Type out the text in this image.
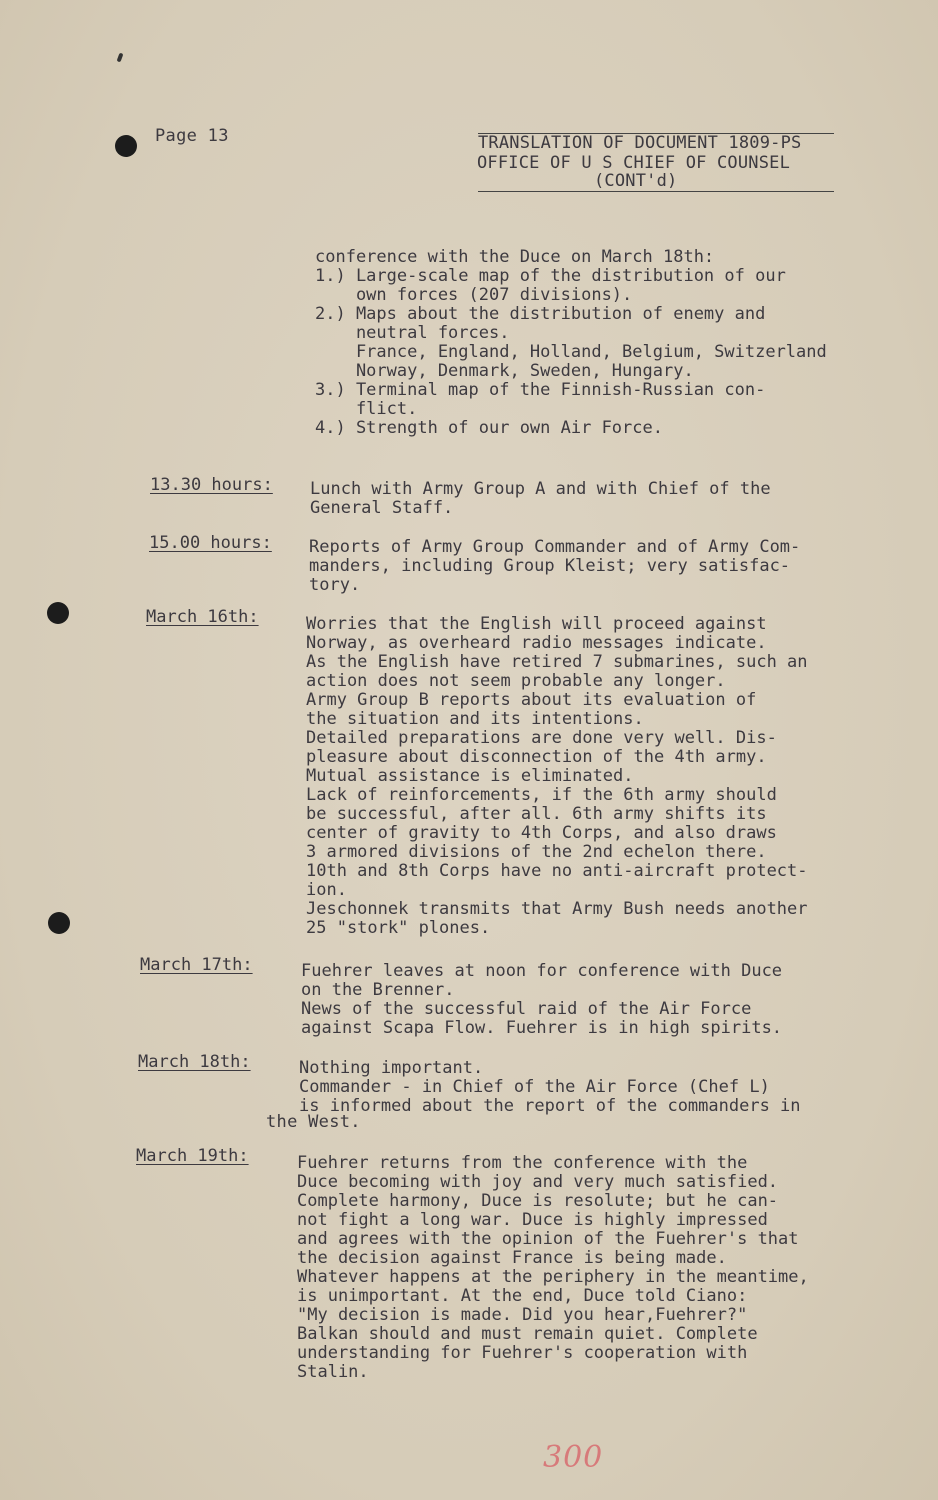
Page 13	TRANSLATION OF DOCUMENT 1809-PS
OFFICE OF U S CHIEF OF COUNSEL
(CONT'd)
conference with the Duce on March 18th:
1.) Large-scale map of the distribution of our
own forces (207 divisions).
2.) Maps about the distribution of enemy and
neutral forces.
France, England, Holland, Belgium, Switzerland
Norway, Denmark, Sweden, Hungary.
3.) Terminal map of the Finnish-Russian con-
flict.
4.) Strength of our own Air Force.
13.30 hours: Lunch with Army Group A and with Chief of the
General Staff.
15.00 hours: Reports of Army Group Commander and of Army Com-
manders, including Group Kleist; very satisfac-
tory.
March 16th:	Worries that the English will proceed against
Norway, as overheard radio messages indicate.
As the English have retired 7 submarines, such an
action does not seem probable any longer.
Army Group B reports about its evaluation of
the situation and its intentions.
Detailed preparations are done very well. Dis-
pleasure about disconnection of the 4th army.
Mutual assistance is eliminated.
Lack of reinforcements, if the 6th army should
be successful, after all. 6th army shifts its
center of gravity to 4th Corps, and also draws
3 armored divisions of the 2nd echelon there.
10th and 8th Corps have no anti-aircraft protect-
ion.
Jeschonnek transmits that Army Bush needs another
25 "stork" plones.
March 17th:	Fuehrer leaves at noon for conference with Duce
on the Brenner.
News of the successful raid of the Air Force
against Scapa Flow. Fuehrer is in high spirits.
March 18th:	Nothing important.
Commander - in Chief of the Air Force (Chef L)
is informed about the report of the commanders in
the West.
March 19th:	Fuehrer returns from the conference with the
Duce becoming with joy and very much satisfied.
Complete harmony, Duce is resolute; but he can-
not fight a long war. Duce is highly impressed
and agrees with the opinion of the Fuehrer's that
the decision against France is being made.
Whatever happens at the periphery in the meantime,
is unimportant. At the end, Duce told Ciano:
"My decision is made. Did you hear,Fuehrer?"
Balkan should and must remain quiet. Complete
understanding for Fuehrer's cooperation with
Stalin.
300
